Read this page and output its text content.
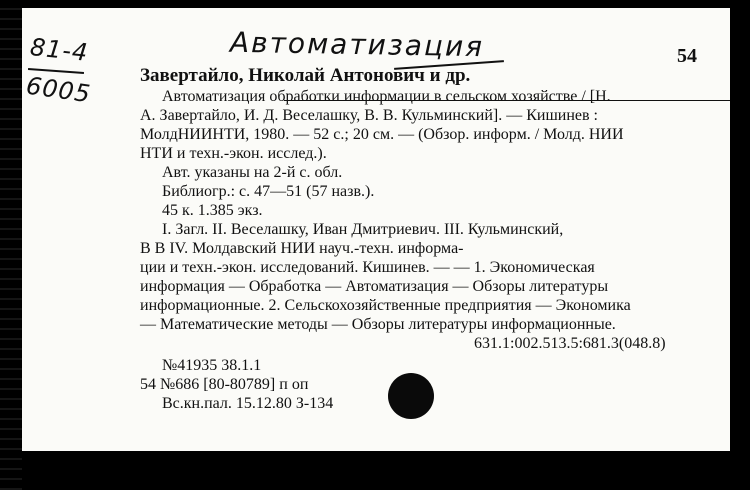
81-4
6005
Автоматизация	54
Завертайло, Николай Антонович и др.
Автоматизация обработки информации в сельском хозяйстве / [Н.
А. Завертайло, И. Д. Веселашку, В. В. Кульминский]. — Кишинев :
МолдНИИНТИ, 1980. — 52 с.; 20 см. — (Обзор. информ. / Молд. НИИ
НТИ и техн.-экон. исслед.).
Авт. указаны на 2-й с. обл.
Библиогр.: с. 47—51 (57 назв.).
45 к. 1.385 экз.
I. Загл. II. Веселашку, Иван Дмитриевич. III. Кульминский,
В В IV. Молдавский НИИ науч.-техн. информа-
ции и техн.-экон. исследований. Кишинев. — — 1. Экономическая
информация — Обработка — Автоматизация — Обзоры литературы
информационные. 2. Сельскохозяйственные предприятия — Экономика
— Математические методы — Обзоры литературы информационные.
631.1:002.513.5:681.3(048.8)
№41935 38.1.1
54 №686 [80-80789] п оп
Вс.кн.пал. 15.12.80 З-134
